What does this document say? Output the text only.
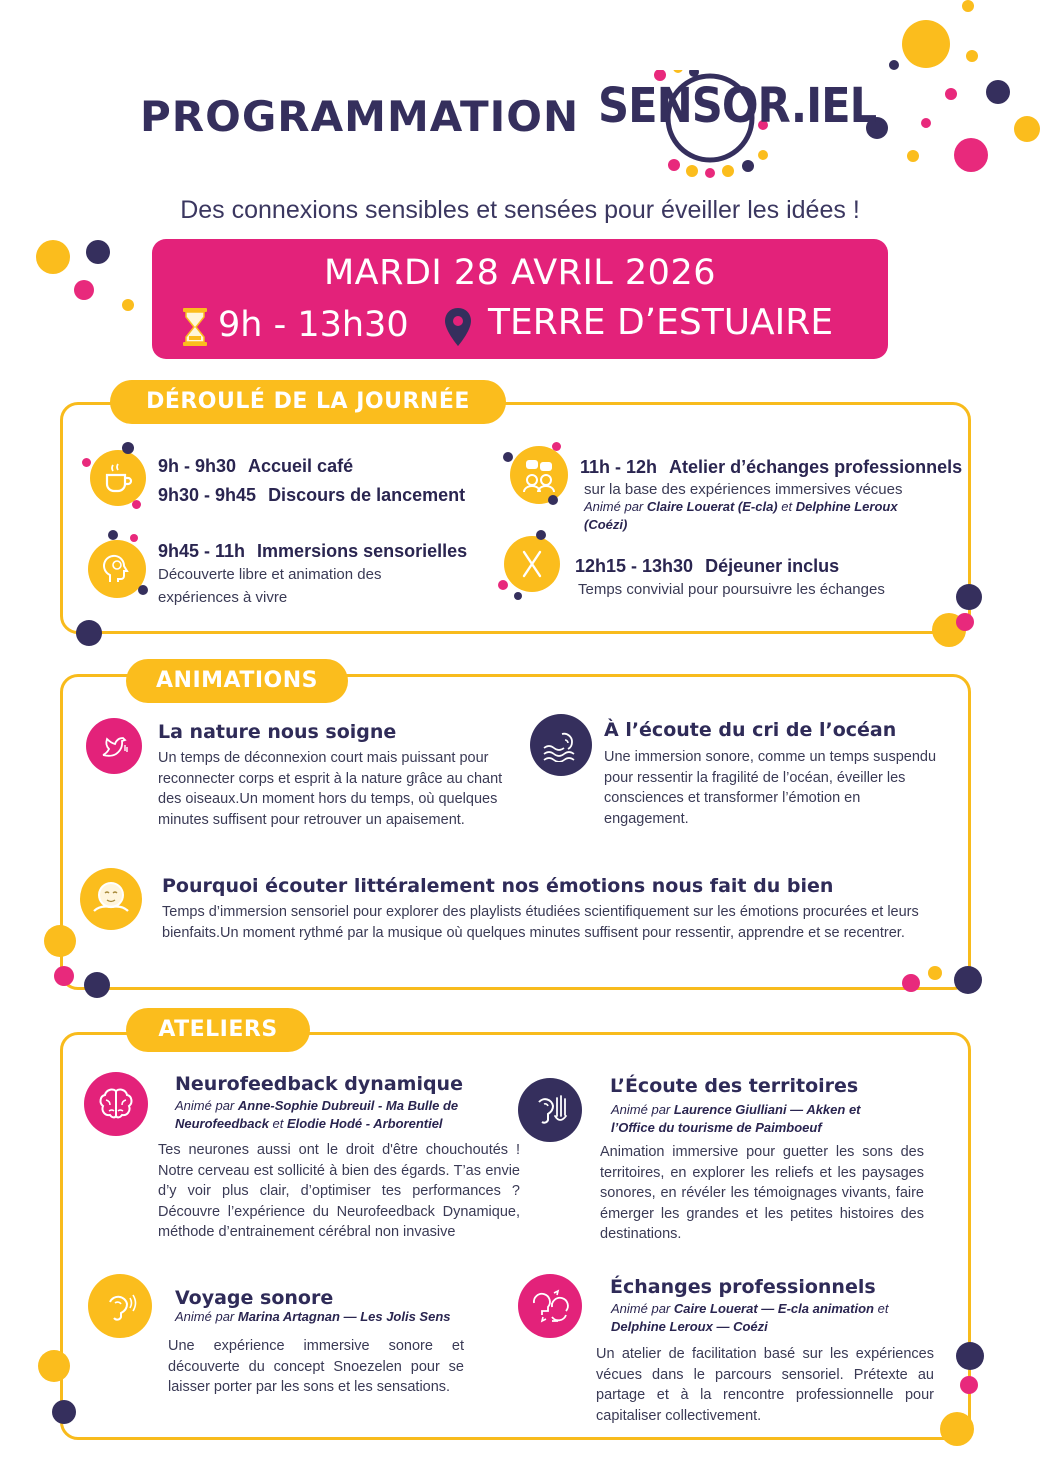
PROGRAMMATION SENSOR.IEL
Des connexions sensibles et sensées pour éveiller les idées !
MARDI 28 AVRIL 2026
9h - 13h30 TERRE D’ESTUAIRE
DÉROULÉ DE LA JOURNÉE
9h - 9h30 Accueil café
9h30 - 9h45 Discours de lancement
9h45 - 11h Immersions sensorielles
Découverte libre et animation des expériences à vivre
11h - 12h Atelier d’échanges professionnels
sur la base des expériences immersives vécues
Animé par Claire Louerat (E-cla) et Delphine Leroux
(Coézi)
12h15 - 13h30 Déjeuner inclus
Temps convivial pour poursuivre les échanges
ANIMATIONS
La nature nous soigne
Un temps de déconnexion court mais puissant pour reconnecter corps et esprit à la nature grâce au chant des oiseaux.Un moment hors du temps, où quelques minutes suffisent pour retrouver un apaisement.
À l’écoute du cri de l’océan
Une immersion sonore, comme un temps suspendu pour ressentir la fragilité de l’océan, éveiller les consciences et transformer l’émotion en engagement.
Pourquoi écouter littéralement nos émotions nous fait du bien
Temps d’immersion sensoriel pour explorer des playlists étudiées scientifiquement sur les émotions procurées et leurs bienfaits.Un moment rythmé par la musique où quelques minutes suffisent pour ressentir, apprendre et se recentrer.
ATELIERS
Neurofeedback dynamique
Animé par Anne-Sophie Dubreuil - Ma Bulle de Neurofeedback et Elodie Hodé - Arborentiel
Tes neurones aussi ont le droit d'être chouchoutés ! Notre cerveau est sollicité à bien des égards. T’as envie d’y voir plus clair, d’optimiser tes performances ? Découvre l’expérience du Neurofeedback Dynamique, méthode d’entrainement cérébral non invasive
L’Écoute des territoires
Animé par Laurence Giulliani — Akken et l’Office du tourisme de Paimboeuf
Animation immersive pour guetter les sons des territoires, en explorer les reliefs et les paysages sonores, en révéler les témoignages vivants, faire émerger les grandes et les petites histoires des destinations.
Voyage sonore
Animé par Marina Artagnan — Les Jolis Sens
Une expérience immersive sonore et découverte du concept Snoezelen pour se laisser porter par les sons et les sensations.
Échanges professionnels
Animé par Caire Louerat — E-cla animation et
Delphine Leroux — Coézi
Un atelier de facilitation basé sur les expériences vécues dans le parcours sensoriel. Prétexte au partage et à la rencontre professionnelle pour capitaliser collectivement.
